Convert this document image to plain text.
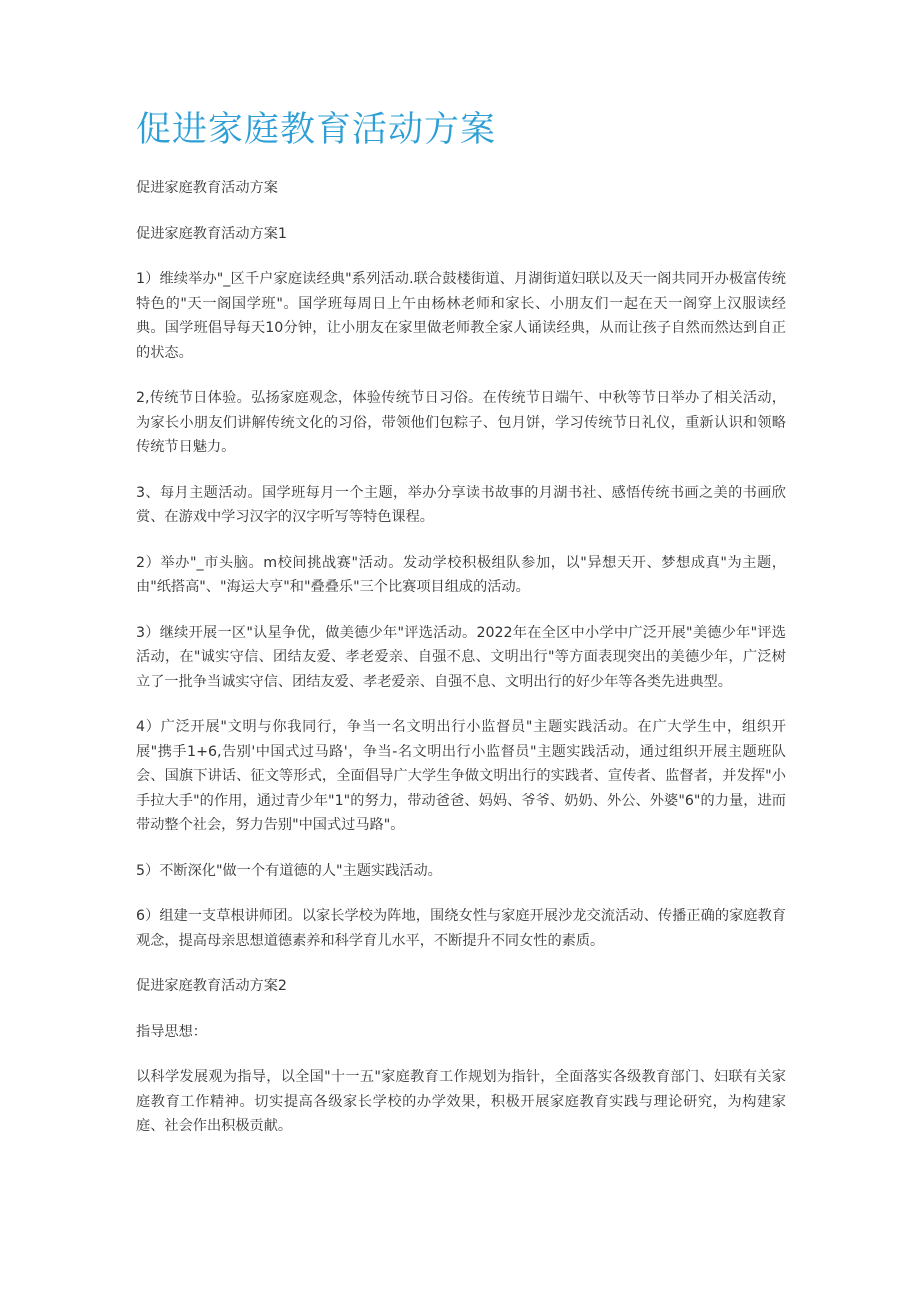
促进家庭教育活动方案

促进家庭教育活动方案

促进家庭教育活动方案1

1）维续举办"_区千户家庭读经典"系列活动.联合鼓楼街道、月湖街道妇联以及天一阁共同开办极富传统特色的"天一阁国学班"。国学班每周日上午由杨林老师和家长、小朋友们一起在天一阁穿上汉服读经典。国学班倡导每天10分钟，让小朋友在家里做老师教全家人诵读经典，从而让孩子自然而然达到自正的状态。

2,传统节日体验。弘扬家庭观念，体验传统节日习俗。在传统节日端午、中秋等节日举办了相关活动，为家长小朋友们讲解传统文化的习俗，带领他们包粽子、包月饼，学习传统节日礼仪，重新认识和领略传统节日魅力。

3、每月主题活动。国学班每月一个主题，举办分享读书故事的月湖书社、感悟传统书画之美的书画欣赏、在游戏中学习汉字的汉字听写等特色课程。

2）举办"_市头脑。m校间挑战赛"活动。发动学校积极组队参加，以"异想天开、梦想成真"为主题，由"纸搭高"、"海运大亨"和"叠叠乐"三个比赛项目组成的活动。

3）继续开展一区"认星争优，做美德少年"评选活动。2022年在全区中小学中广泛开展"美德少年"评选活动，在"诚实守信、团结友爱、孝老爱亲、自强不息、文明出行"等方面表现突出的美德少年，广泛树立了一批争当诚实守信、团结友爱、孝老爱亲、自强不息、文明出行的好少年等各类先进典型。

4）广泛开展"文明与你我同行，争当一名文明出行小监督员"主题实践活动。在广大学生中，组织开展"携手1+6,告别'中国式过马路'，争当-名文明出行小监督员"主题实践活动，通过组织开展主题班队会、国旗下讲话、征文等形式，全面倡导广大学生争做文明出行的实践者、宣传者、监督者，并发挥"小手拉大手"的作用，通过青少年"1"的努力，带动爸爸、妈妈、爷爷、奶奶、外公、外婆"6"的力量，进而带动整个社会，努力告别"中国式过马路"。

5）不断深化"做一个有道德的人"主题实践活动。

6）组建一支草根讲师团。以家长学校为阵地，围绕女性与家庭开展沙龙交流活动、传播正确的家庭教育观念，提高母亲思想道德素养和科学育儿水平，不断提升不同女性的素质。

促进家庭教育活动方案2

指导思想：

以科学发展观为指导，以全国"十一五"家庭教育工作规划为指针，全面落实各级教育部门、妇联有关家庭教育工作精神。切实提高各级家长学校的办学效果，积极开展家庭教育实践与理论研究，为构建家庭、社会作出积极贡献。
